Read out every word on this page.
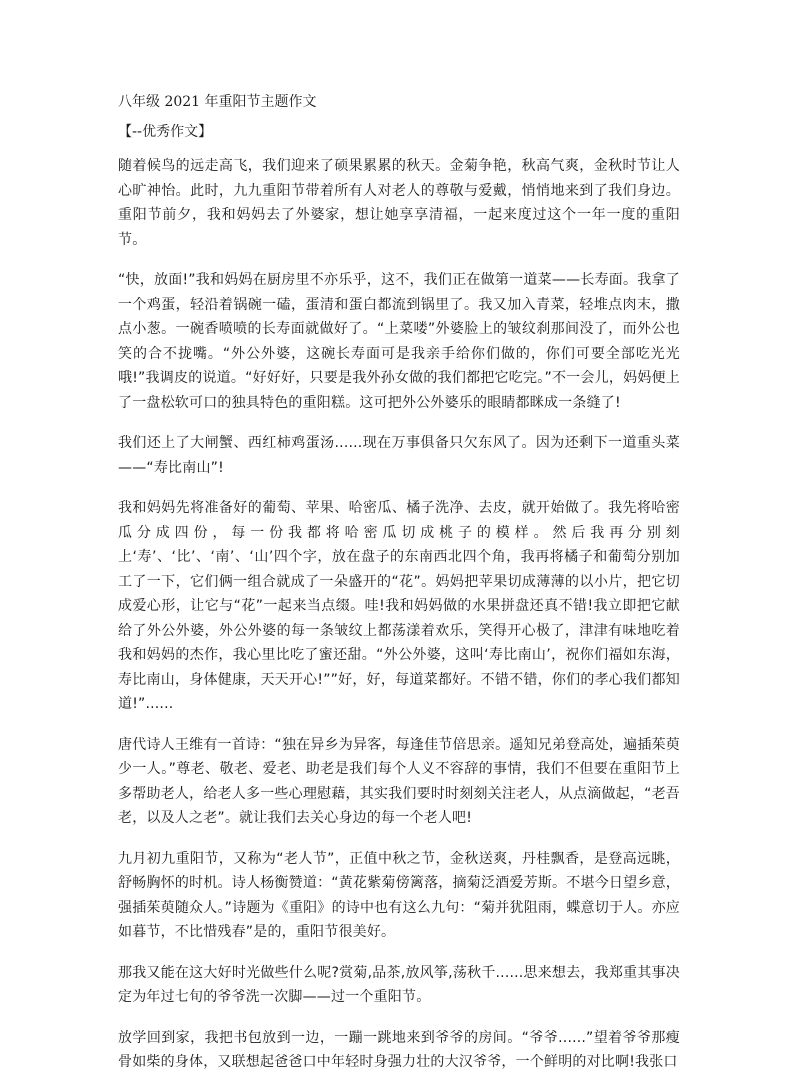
八年级 2021 年重阳节主题作文
【--优秀作文】

随着候鸟的远走高飞，我们迎来了硕果累累的秋天。金菊争艳，秋高气爽，金秋时节让人心旷神怡。此时，九九重阳节带着所有人对老人的尊敬与爱戴，悄悄地来到了我们身边。重阳节前夕，我和妈妈去了外婆家，想让她享享清福，一起来度过这个一年一度的重阳节。

“快，放面!”我和妈妈在厨房里不亦乐乎，这不，我们正在做第一道菜——长寿面。我拿了一个鸡蛋，轻沿着锅碗一磕，蛋清和蛋白都流到锅里了。我又加入青菜，轻堆点肉末，撒点小葱。一碗香喷喷的长寿面就做好了。“上菜喽”外婆脸上的皱纹刹那间没了，而外公也笑的合不拢嘴。“外公外婆，这碗长寿面可是我亲手给你们做的，你们可要全部吃光光哦!”我调皮的说道。“好好好，只要是我外孙女做的我们都把它吃完。”不一会儿，妈妈便上了一盘松软可口的独具特色的重阳糕。这可把外公外婆乐的眼睛都眯成一条缝了!

我们还上了大闸蟹、西红柿鸡蛋汤......现在万事俱备只欠东风了。因为还剩下一道重头菜——“寿比南山”!

我和妈妈先将准备好的葡萄、苹果、哈密瓜、橘子洗净、去皮，就开始做了。我先将哈密瓜分成四份，每一份我都将哈密瓜切成桃子的模样。然后我再分别刻上‘寿’、‘比’、‘南’、‘山’四个字，放在盘子的东南西北四个角，我再将橘子和葡萄分别加工了一下，它们俩一组合就成了一朵盛开的“花”。妈妈把苹果切成薄薄的以小片，把它切成爱心形，让它与“花”一起来当点缀。哇!我和妈妈做的水果拼盘还真不错!我立即把它献给了外公外婆，外公外婆的每一条皱纹上都荡漾着欢乐，笑得开心极了，津津有味地吃着我和妈妈的杰作，我心里比吃了蜜还甜。“外公外婆，这叫‘寿比南山’，祝你们福如东海，寿比南山，身体健康，天天开心!””好，好，每道菜都好。不错不错，你们的孝心我们都知道!”......

唐代诗人王维有一首诗：“独在异乡为异客，每逢佳节倍思亲。遥知兄弟登高处，遍插茱萸少一人。”尊老、敬老、爱老、助老是我们每个人义不容辞的事情，我们不但要在重阳节上多帮助老人，给老人多一些心理慰藉，其实我们要时时刻刻关注老人，从点滴做起，“老吾老，以及人之老”。就让我们去关心身边的每一个老人吧!

九月初九重阳节，又称为“老人节”，正值中秋之节，金秋送爽，丹桂飘香，是登高远眺，舒畅胸怀的时机。诗人杨衡赞道：“黄花紫菊傍篱落，摘菊泛酒爱芳斯。不堪今日望乡意，强插茱萸随众人。”诗题为《重阳》的诗中也有这么九句：“菊并犹阻雨，蝶意切于人。亦应如暮节，不比惜残春”是的，重阳节很美好。

那我又能在这大好时光做些什么呢?赏菊,品茶,放风筝,荡秋千......思来想去，我郑重其事决定为年过七旬的爷爷洗一次脚——过一个重阳节。

放学回到家，我把书包放到一边，一蹦一跳地来到爷爷的房间。“爷爷......”望着爷爷那瘦骨如柴的身体，又联想起爸爸口中年轻时身强力壮的大汉爷爷，一个鲜明的对比啊!我张口
